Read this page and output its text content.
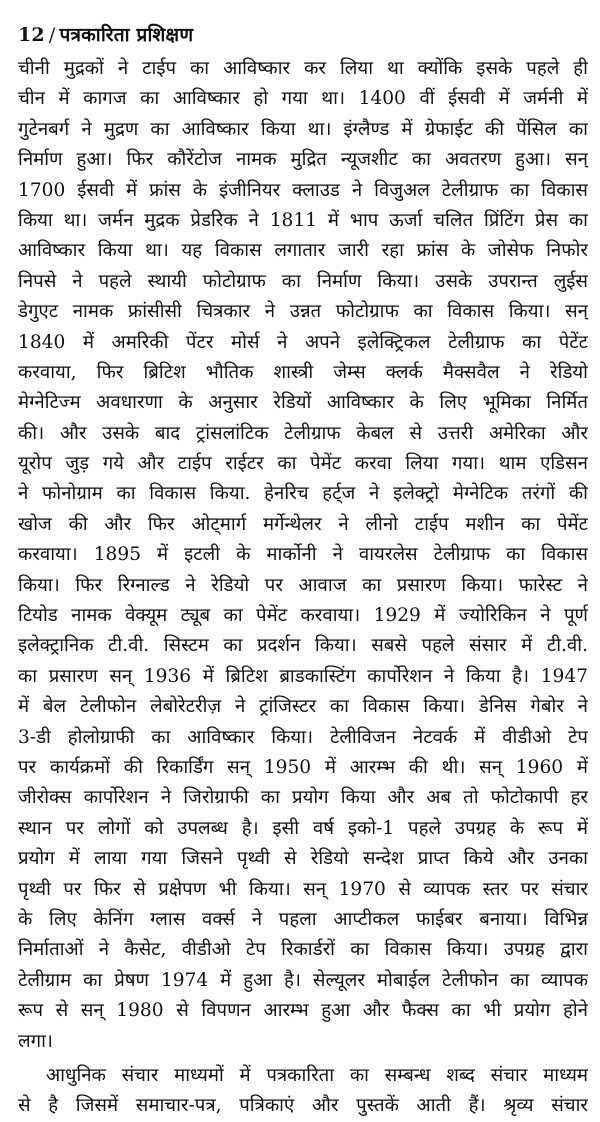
12 / पत्रकारिता प्रशिक्षण
चीनी मुद्रकों ने टाईप का आविष्कार कर लिया था क्योंकि इसके पहले ही
चीन में कागज का आविष्कार हो गया था। 1400 वीं ईसवी में जर्मनी में
गुटेनबर्ग ने मुद्रण का आविष्कार किया था। इंग्लैण्ड में ग्रेफाईट की पेंसिल का
निर्माण हुआ। फिर कौरेंटोज नामक मुद्रित न्यूजशीट का अवतरण हुआ। सन्
1700 ईसवी में फ्रांस के इंजीनियर क्लाउड ने विजुअल टेलीग्राफ का विकास
किया था। जर्मन मुद्रक प्रेडरिक ने 1811 में भाप ऊर्जा चलित प्रिंटिंग प्रेस का
आविष्कार किया था। यह विकास लगातार जारी रहा फ्रांस के जोसेफ निफोर
निपसे ने पहले स्थायी फोटोग्राफ का निर्माण किया। उसके उपरान्त लुईस
डेगुएट नामक फ्रांसीसी चित्रकार ने उन्नत फोटोग्राफ का विकास किया। सन्
1840 में अमरिकी पेंटर मोर्स ने अपने इलेक्ट्रिकल टेलीग्राफ का पेटेंट
करवाया, फिर ब्रिटिश भौतिक शास्त्री जेम्स क्लर्क मैक्सवैल ने रेडियो
मेग्नेटिज्म अवधारणा के अनुसार रेडियों आविष्कार के लिए भूमिका निर्मित
की। और उसके बाद ट्रांसलांटिक टेलीग्राफ केबल से उत्तरी अमेरिका और
यूरोप जुड़ गये और टाईप राईटर का पेमेंट करवा लिया गया। थाम एडिसन
ने फोनोग्राम का विकास किया. हेनरिच हर्ट्ज ने इलेक्ट्रो मेग्नेटिक तरंगों की
खोज की और फिर ओट्मार्ग मर्गेन्थेलर ने लीनो टाईप मशीन का पेमेंट
करवाया। 1895 में इटली के मार्कोनी ने वायरलेस टेलीग्राफ का विकास
किया। फिर रिग्नाल्ड ने रेडियो पर आवाज का प्रसारण किया। फारेस्ट ने
टियोड नामक वेक्यूम ट्यूब का पेमेंट करवाया। 1929 में ज्योरिकिन ने पूर्ण
इलेक्ट्रानिक टी.वी. सिस्टम का प्रदर्शन किया। सबसे पहले संसार में टी.वी.
का प्रसारण सन् 1936 में ब्रिटिश ब्राडकास्टिंग कार्पोरेशन ने किया है। 1947
में बेल टेलीफोन लेबोरेटरीज़ ने ट्रांजिस्टर का विकास किया। डेनिस गेबोर ने
3-डी होलोग्राफी का आविष्कार किया। टेलीविजन नेटवर्क में वीडीओ टेप
पर कार्यक्रमों की रिकार्डिंग सन् 1950 में आरम्भ की थी। सन् 1960 में
जीरोक्स कार्पोरेशन ने जिरोग्राफी का प्रयोग किया और अब तो फोटोकापी हर
स्थान पर लोगों को उपलब्ध है। इसी वर्ष इको-1 पहले उपग्रह के रूप में
प्रयोग में लाया गया जिसने पृथ्वी से रेडियो सन्देश प्राप्त किये और उनका
पृथ्वी पर फिर से प्रक्षेपण भी किया। सन् 1970 से व्यापक स्तर पर संचार
के लिए केनिंग ग्लास वर्क्स ने पहला आप्टीकल फाईबर बनाया। विभिन्न
निर्माताओं ने कैसेट, वीडीओ टेप रिकार्डरों का विकास किया। उपग्रह द्वारा
टेलीग्राम का प्रेषण 1974 में हुआ है। सेल्यूलर मोबाईल टेलीफोन का व्यापक
रूप से सन् 1980 से विपणन आरम्भ हुआ और फैक्स का भी प्रयोग होने
लगा।
आधुनिक संचार माध्यमों में पत्रकारिता का सम्बन्ध शब्द संचार माध्यम
से है जिसमें समाचार-पत्र, पत्रिकाएं और पुस्तकें आती हैं। श्रृव्य संचार
